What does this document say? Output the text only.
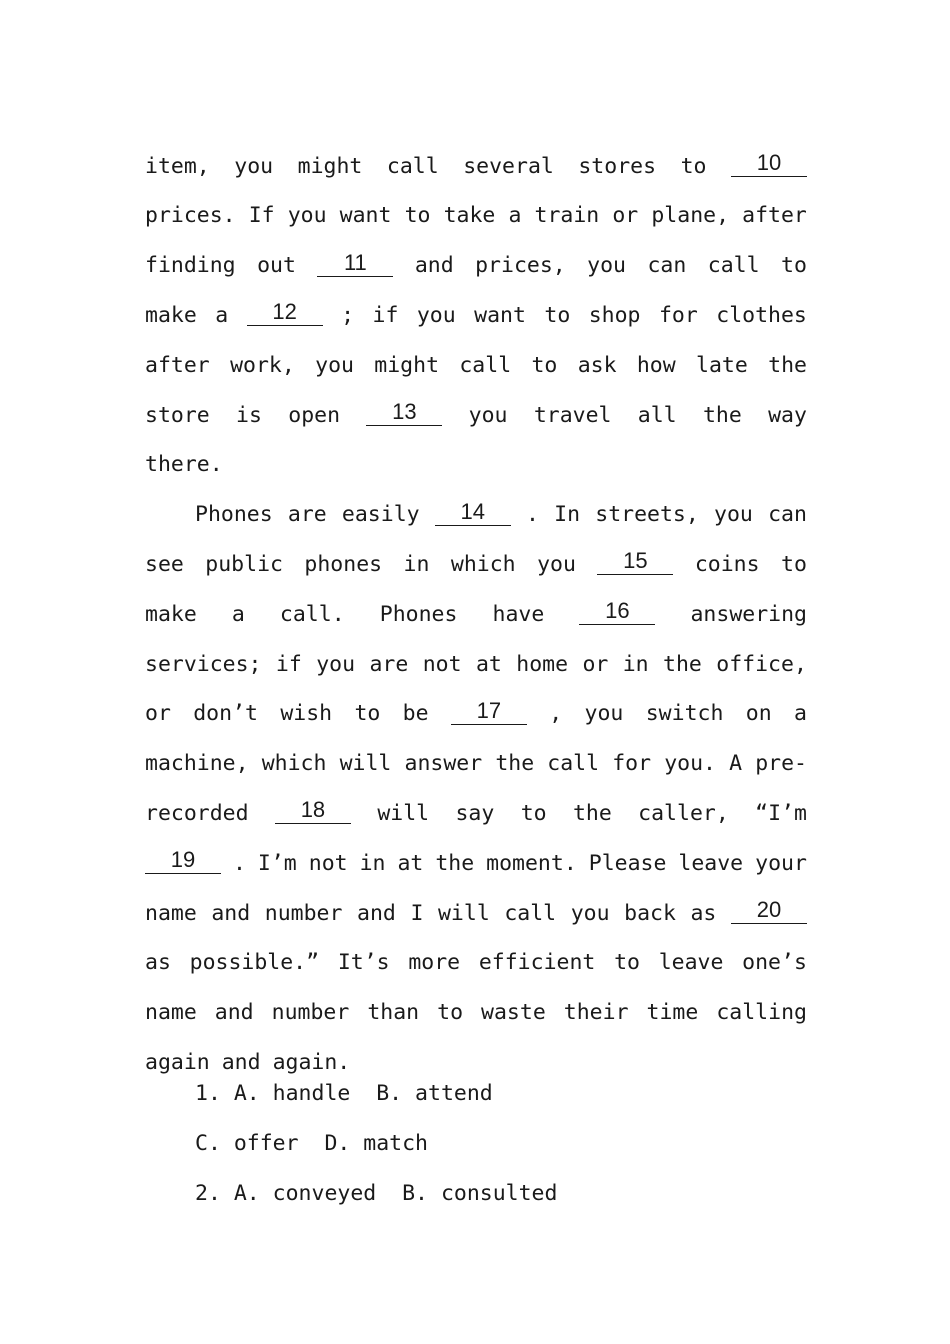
item, you might call several stores to	10
prices. If you want to take a train or plane, after
finding out	11	and prices, you can call to
make a	12	; if you want to shop for clothes
after work, you might call to ask how late the
store is open	13	you travel all the way
there.
Phones are easily	14	. In streets, you can
see public phones in which you	15	coins to
make a call. Phones have	16	answering
services; if you are not at home or in the office,
or don’t wish to be	17	, you switch on a
machine, which will answer the call for you. A pre-
recorded	18	will say to the caller, “I’m
19	. I’m not in at the moment. Please leave your
name and number and I will call you back as	20
as possible.” It’s more efficient to leave one’s
name and number than to waste their time calling
again and again.
1. A. handle  B. attend
C. offer  D. match
2. A. conveyed  B. consulted
